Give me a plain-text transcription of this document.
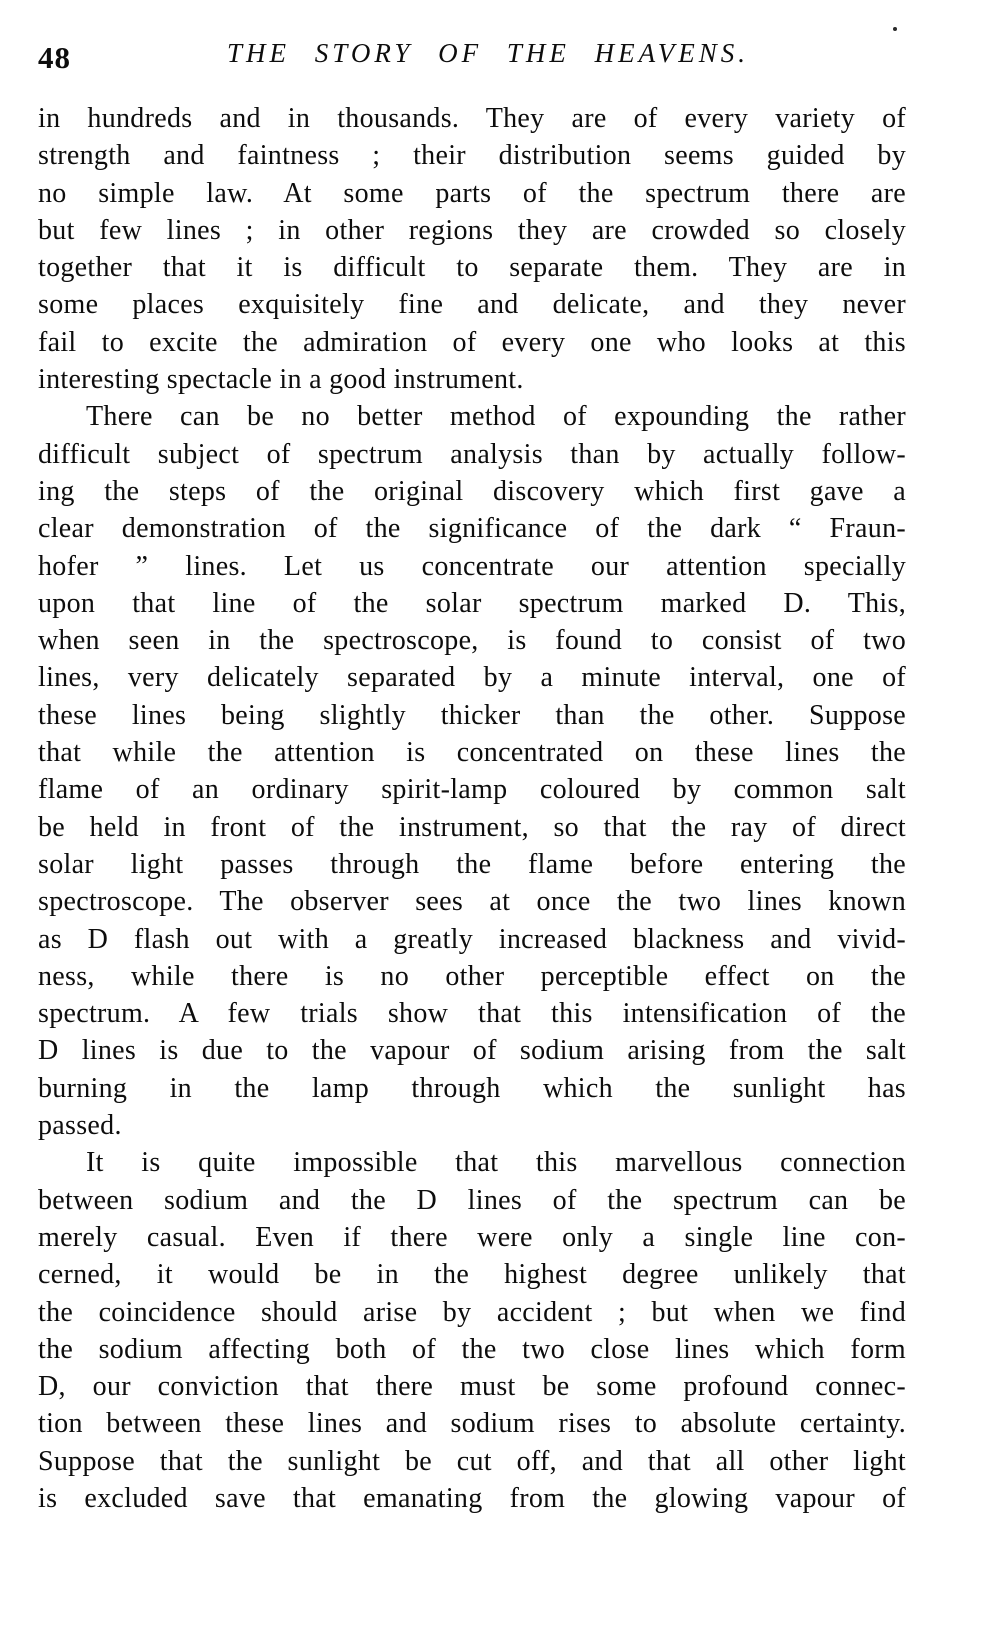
48	THE STORY OF THE HEAVENS.
in hundreds and in thousands. They are of every variety of
strength and faintness ; their distribution seems guided by
no simple law. At some parts of the spectrum there are
but few lines ; in other regions they are crowded so closely
together that it is difficult to separate them. They are in
some places exquisitely fine and delicate, and they never
fail to excite the admiration of every one who looks at this
interesting spectacle in a good instrument.
There can be no better method of expounding the rather
difficult subject of spectrum analysis than by actually follow-
ing the steps of the original discovery which first gave a
clear demonstration of the significance of the dark “ Fraun-
hofer ” lines. Let us concentrate our attention specially
upon that line of the solar spectrum marked D. This,
when seen in the spectroscope, is found to consist of two
lines, very delicately separated by a minute interval, one of
these lines being slightly thicker than the other. Suppose
that while the attention is concentrated on these lines the
flame of an ordinary spirit-lamp coloured by common salt
be held in front of the instrument, so that the ray of direct
solar light passes through the flame before entering the
spectroscope. The observer sees at once the two lines known
as D flash out with a greatly increased blackness and vivid-
ness, while there is no other perceptible effect on the
spectrum. A few trials show that this intensification of the
D lines is due to the vapour of sodium arising from the salt
burning in the lamp through which the sunlight has
passed.
It is quite impossible that this marvellous connection
between sodium and the D lines of the spectrum can be
merely casual. Even if there were only a single line con-
cerned, it would be in the highest degree unlikely that
the coincidence should arise by accident ; but when we find
the sodium affecting both of the two close lines which form
D, our conviction that there must be some profound connec-
tion between these lines and sodium rises to absolute certainty.
Suppose that the sunlight be cut off, and that all other light
is excluded save that emanating from the glowing vapour of
